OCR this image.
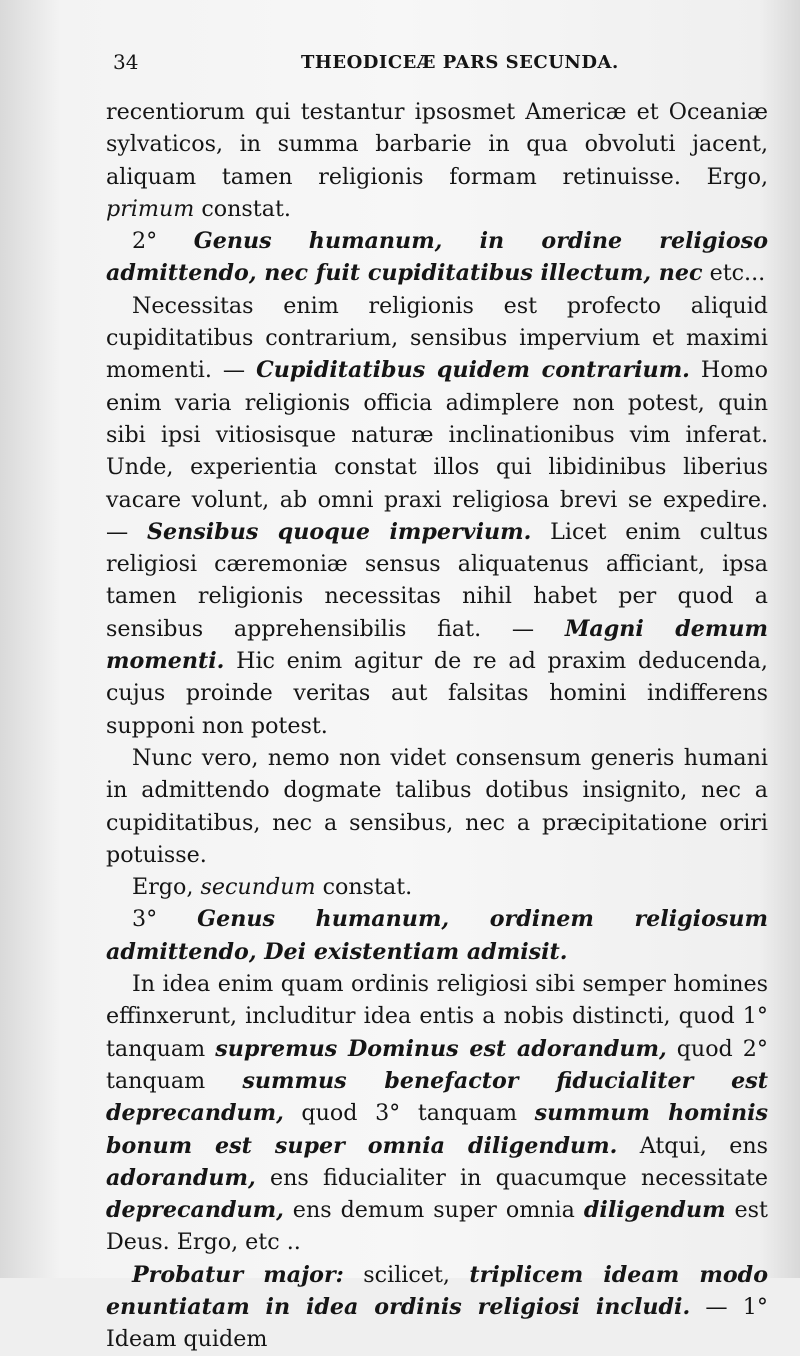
34	THEODICEÆ PARS SECUNDA.

recentiorum qui testantur ipsosmet Americæ et Oceaniæ sylvaticos, in summa barbarie in qua obvoluti jacent, aliquam tamen religionis formam retinuisse. Ergo, primum constat.

2° Genus humanum, in ordine religioso admittendo, nec fuit cupiditatibus illectum, nec etc...

Necessitas enim religionis est profecto aliquid cupiditatibus contrarium, sensibus impervium et maximi momenti. — Cupiditatibus quidem contrarium. Homo enim varia religionis officia adimplere non potest, quin sibi ipsi vitiosisque naturæ inclinationibus vim inferat. Unde, experientia constat illos qui libidinibus liberius vacare volunt, ab omni praxi religiosa brevi se expedire. — Sensibus quoque impervium. Licet enim cultus religiosi cæremoniæ sensus aliquatenus afficiant, ipsa tamen religionis necessitas nihil habet per quod a sensibus apprehensibilis fiat. — Magni demum momenti. Hic enim agitur de re ad praxim deducenda, cujus proinde veritas aut falsitas homini indifferens supponi non potest.

Nunc vero, nemo non videt consensum generis humani in admittendo dogmate talibus dotibus insignito, nec a cupiditatibus, nec a sensibus, nec a præcipitatione oriri potuisse.

Ergo, secundum constat.

3° Genus humanum, ordinem religiosum admittendo, Dei existentiam admisit.

In idea enim quam ordinis religiosi sibi semper homines effinxerunt, includitur idea entis a nobis distincti, quod 1° tanquam supremus Dominus est adorandum, quod 2° tanquam summus benefactor fiducialiter est deprecandum, quod 3° tanquam summum hominis bonum est super omnia diligendum. Atqui, ens adorandum, ens fiducialiter in quacumque necessitate deprecandum, ens demum super omnia diligendum est Deus. Ergo, etc ..

Probatur major: scilicet, triplicem ideam modo enuntiatam in idea ordinis religiosi includi. — 1° Ideam quidem
